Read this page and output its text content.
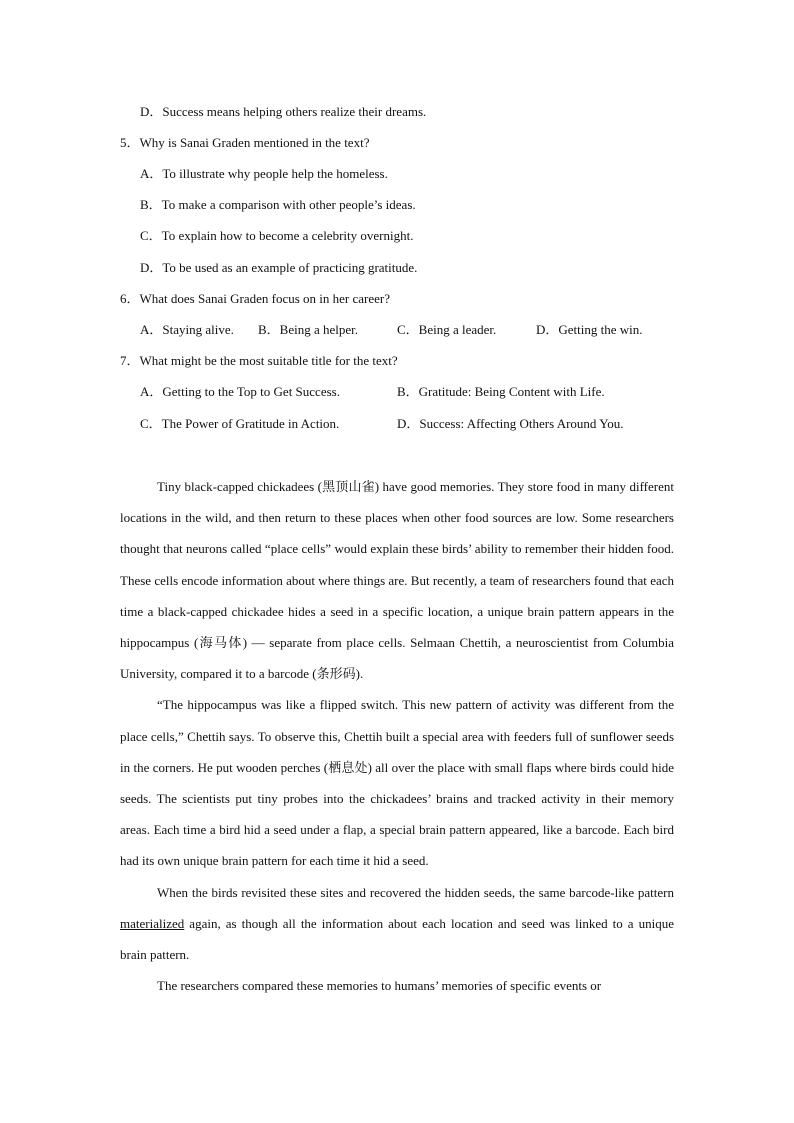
D．Success means helping others realize their dreams.
5．Why is Sanai Graden mentioned in the text?
A．To illustrate why people help the homeless.
B．To make a comparison with other people’s ideas.
C．To explain how to become a celebrity overnight.
D．To be used as an example of practicing gratitude.
6．What does Sanai Graden focus on in her career?
A．Staying alive. B．Being a helper.	C．Being a leader.	D．Getting the win.
7．What might be the most suitable title for the text?
A．Getting to the Top to Get Success.	B．Gratitude: Being Content with Life.
C．The Power of Gratitude in Action.	D．Success: Affecting Others Around You.

Tiny black-capped chickadees (黑顶山雀) have good memories. They store food in many different locations in the wild, and then return to these places when other food sources are low. Some researchers thought that neurons called “place cells” would explain these birds’ ability to remember their hidden food. These cells encode information about where things are. But recently, a team of researchers found that each time a black-capped chickadee hides a seed in a specific location, a unique brain pattern appears in the hippocampus (海马体) — separate from place cells. Selmaan Chettih, a neuroscientist from Columbia University, compared it to a barcode (条形码).

“The hippocampus was like a flipped switch. This new pattern of activity was different from the place cells,” Chettih says. To observe this, Chettih built a special area with feeders full of sunflower seeds in the corners. He put wooden perches (栖息处) all over the place with small flaps where birds could hide seeds. The scientists put tiny probes into the chickadees’ brains and tracked activity in their memory areas. Each time a bird hid a seed under a flap, a special brain pattern appeared, like a barcode. Each bird had its own unique brain pattern for each time it hid a seed.

When the birds revisited these sites and recovered the hidden seeds, the same barcode-like pattern materialized again, as though all the information about each location and seed was linked to a unique brain pattern.

The researchers compared these memories to humans’ memories of specific events or
